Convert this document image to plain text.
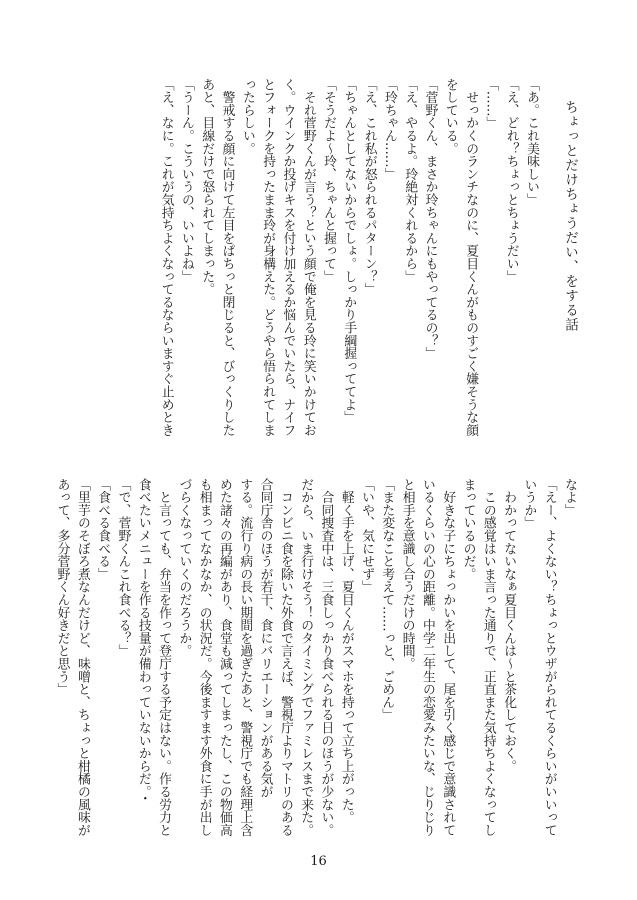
ちょっとだけちょうだい、をする話
「あ。これ美味しい」
「え、どれ？ちょっとちょうだい」
「……」
　せっかくのランチなのに、夏目くんがものすごく嫌そうな顔
をしている。
「菅野くん、まさか玲ちゃんにもやってるの？」
「え、やるよ。玲絶対くれるから」
「玲ちゃん……」
「え、これ私が怒られるパターン？」
「ちゃんとしてないからでしょ。しっかり手綱握っててよ」
「そうだよ〜玲、ちゃんと握って」
　それ菅野くんが言う？という顔で俺を見る玲に笑いかけてお
く。ウインクか投げキスを付け加えるか悩んでいたら、ナイフ
とフォークを持ったまま玲が身構えた。どうやら悟られてしま
ったらしい。
　警戒する顔に向けて左目をぱちっと閉じると、びっくりした
あと、目線だけで怒られてしまった。
「うーん。こういうの、いいよね」
「え、なに。これが気持ちよくなってるならいますぐ止めとき
なよ」
「えー、よくない？ちょっとウザがられてるくらいがいいって
いうか」
　わかってないなぁ夏目くんは〜と茶化しておく。
　この感覚はいま言った通りで、正直また気持ちよくなってし
まっているのだ。
　好きな子にちょっかいを出して、尾を引く感じで意識されて
いるくらいの心の距離。中学二年生の恋愛みたいな、じりじり
と相手を意識し合うだけの時間。
「また変なこと考えて……っと、ごめん」
「いや、気にせず」
　軽く手を上げ、夏目くんがスマホを持って立ち上がった。
　合同捜査中は、三食しっかり食べられる日のほうが少ない。
だから、いま行けそう！のタイミングでファミレスまで来た。
　コンビニ食を除いた外食で言えば、警視庁よりマトリのある
合同庁舎のほうが若干、食にバリエーションがある気が
する。流行り病の長い期間を過ぎたあと、警視庁でも経理上含
めた諸々の再編があり、食堂も減ってしまったし、この物価高
も相まってなかなか、の状況だ。今後ますます外食に手が出し
づらくなっていくのだろうか。
　と言っても、弁当を作って登庁する予定はない。作る労力と
食べたいメニューを作る技量が備わっていないからだ。・
「で、菅野くんこれ食べる？」
「食べる食べる」
「里芋のそぼろ煮なんだけど、味噌と、ちょっと柑橘の風味が
あって、多分菅野くん好きだと思う」
16
